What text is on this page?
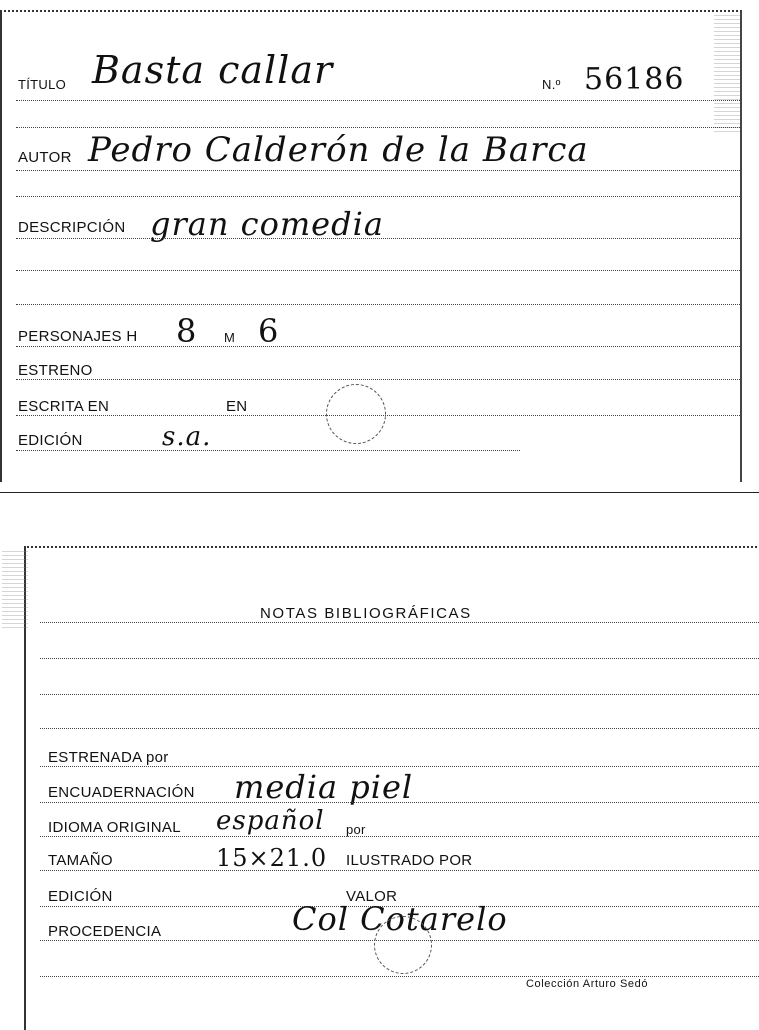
TÍTULO Basta callar	N.º 56186
AUTOR Pedro Calderón de la Barca
DESCRIPCIÓN gran comedia
PERSONAJES H 8 M 6
ESTRENO
ESCRITA EN	EN
EDICIÓN	s.a.
NOTAS BIBLIOGRÁFICAS
ESTRENADA por
ENCUADERNACIÓN media piel
IDIOMA ORIGINAL español por
TAMAÑO	15×21.0 ILUSTRADO POR
EDICIÓN	VALOR
PROCEDENCIA	Col Cotarelo
Colección Arturo Sedó
